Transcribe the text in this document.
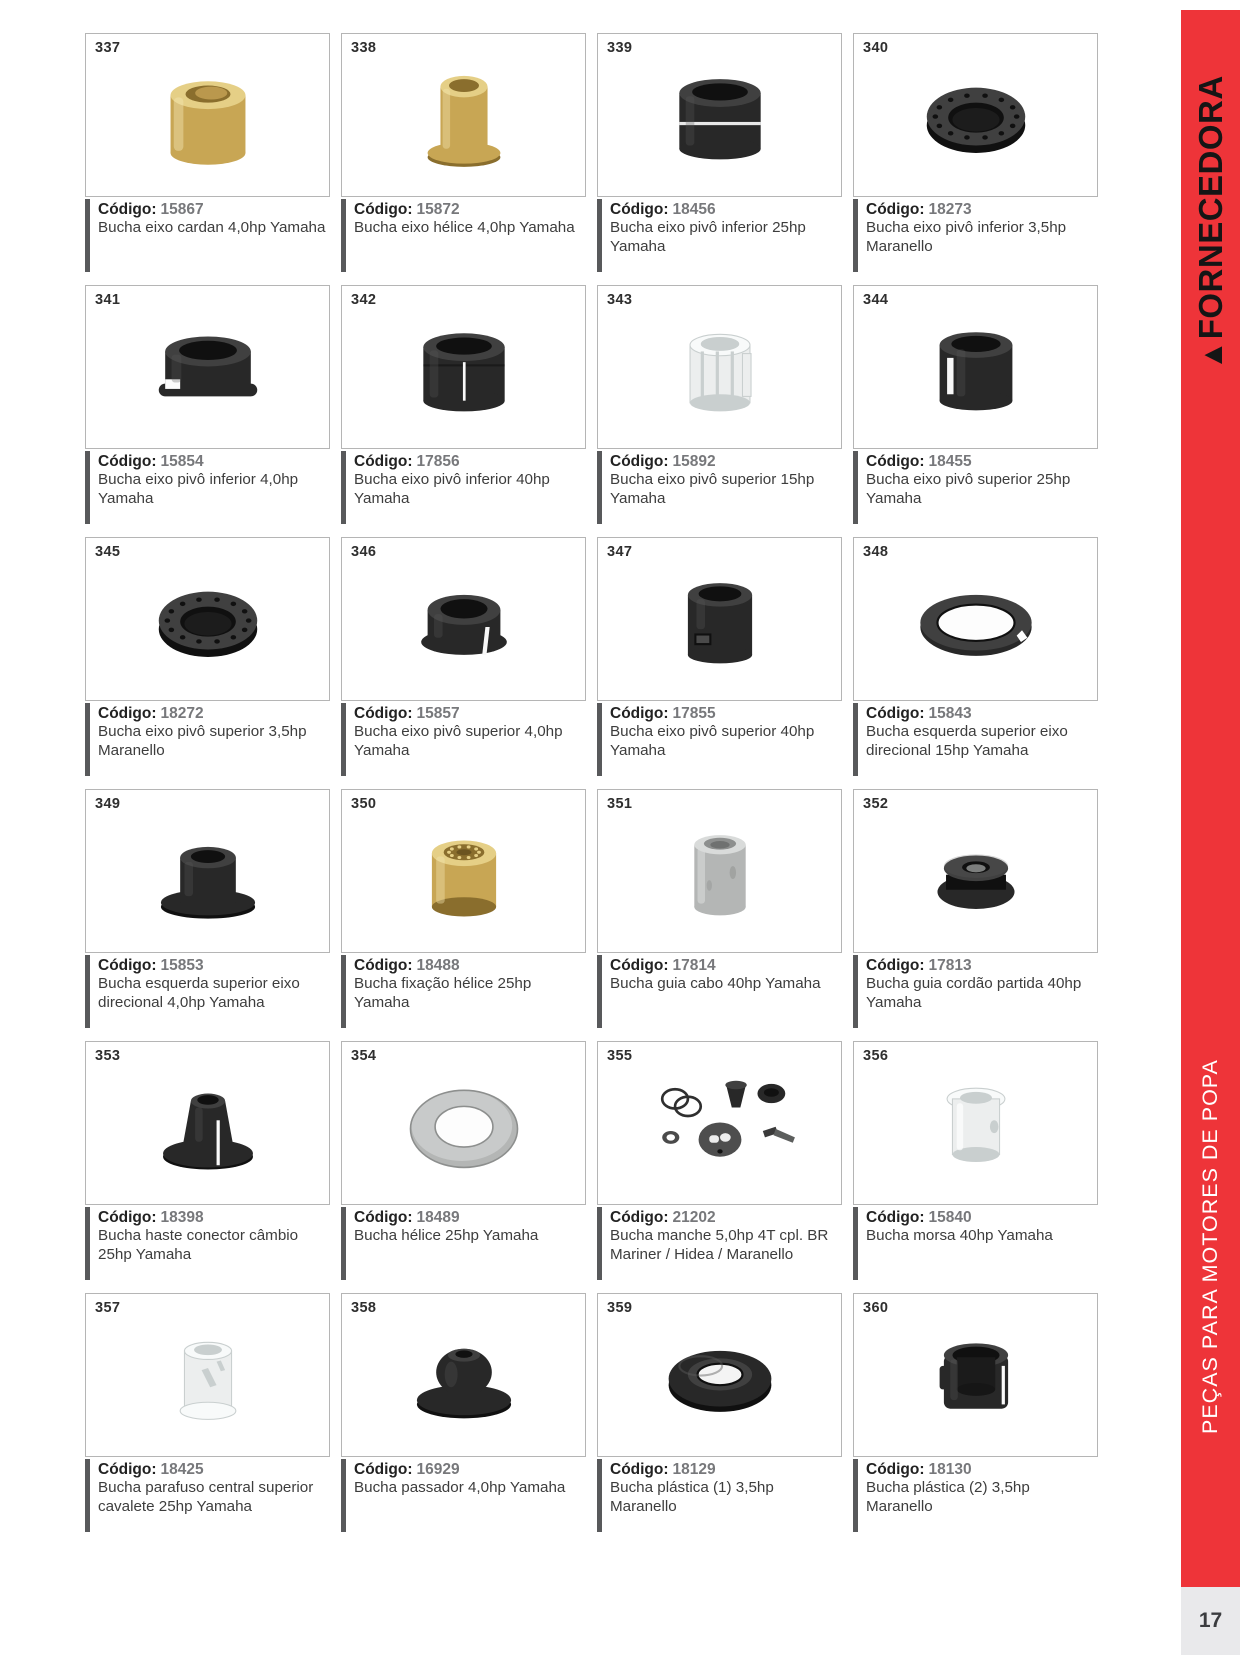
337
Código: 15867
Bucha eixo cardan 4,0hp Yamaha
338
Código: 15872
Bucha eixo hélice 4,0hp Yamaha
339
Código: 18456
Bucha eixo pivô inferior 25hp Yamaha
340
Código: 18273
Bucha eixo pivô inferior 3,5hp Maranello
341
Código: 15854
Bucha eixo pivô inferior 4,0hp Yamaha
342
Código: 17856
Bucha eixo pivô inferior 40hp Yamaha
343
Código: 15892
Bucha eixo pivô superior 15hp Yamaha
344
Código: 18455
Bucha eixo pivô superior 25hp Yamaha
345
Código: 18272
Bucha eixo pivô superior 3,5hp Maranello
346
Código: 15857
Bucha eixo pivô superior 4,0hp Yamaha
347
Código: 17855
Bucha eixo pivô superior 40hp Yamaha
348
Código: 15843
Bucha esquerda superior eixo direcional 15hp Yamaha
349
Código: 15853
Bucha esquerda superior eixo direcional 4,0hp Yamaha
350
Código: 18488
Bucha fixação hélice 25hp Yamaha
351
Código: 17814
Bucha guia cabo 40hp Yamaha
352
Código: 17813
Bucha guia cordão partida 40hp Yamaha
353
Código: 18398
Bucha haste conector câmbio 25hp Yamaha
354
Código: 18489
Bucha hélice 25hp Yamaha
355
Código: 21202
Bucha manche 5,0hp 4T cpl. BR Mariner / Hidea / Maranello
356
Código: 15840
Bucha morsa 40hp Yamaha
357
Código: 18425
Bucha parafuso central superior cavalete 25hp Yamaha
358
Código: 16929
Bucha passador 4,0hp Yamaha
359
Código: 18129
Bucha plástica (1) 3,5hp Maranello
360
Código: 18130
Bucha plástica (2) 3,5hp Maranello
▲FORNECEDORA
PEÇAS PARA MOTORES DE POPA
17
